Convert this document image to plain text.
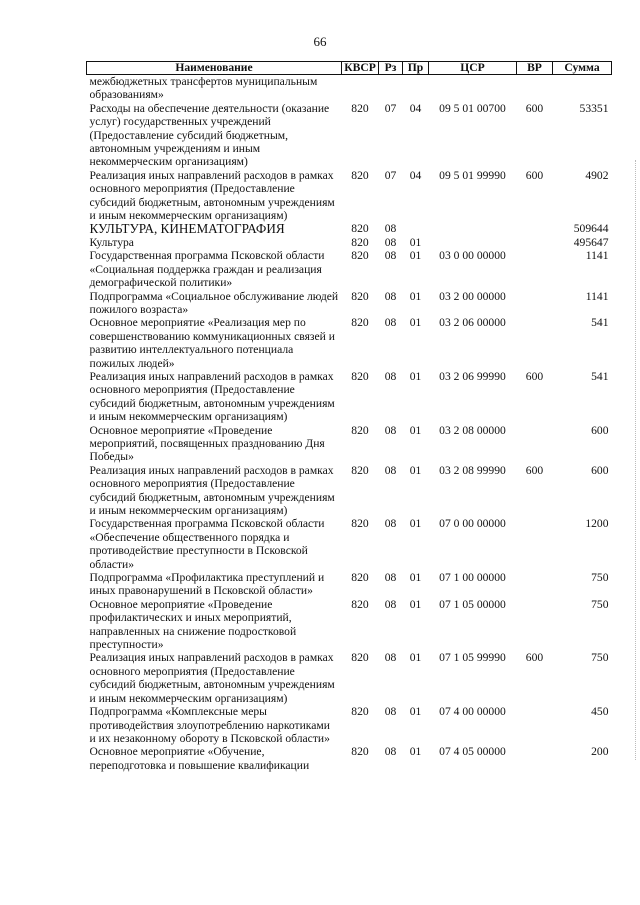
66
Наименование	КВСР	Рз	Пр	ЦСР	ВР	Сумма
межбюджетных трансфертов муниципальным образованиям»						
Расходы на обеспечение деятельности (оказание услуг) государственных учреждений (Предоставление субсидий бюджетным, автономным учреждениям и иным некоммерческим организациям)	820	07	04	09 5 01 00700	600	53351
Реализация иных направлений расходов в рамках основного мероприятия (Предоставление субсидий бюджетным, автономным учреждениям и иным некоммерческим организациям)	820	07	04	09 5 01 99990	600	4902
КУЛЬТУРА, КИНЕМАТОГРАФИЯ	820	08				509644
Культура	820	08	01			495647
Государственная программа Псковской области «Социальная поддержка граждан и реализация демографической политики»	820	08	01	03 0 00 00000		1141
Подпрограмма «Социальное обслуживание людей пожилого возраста»	820	08	01	03 2 00 00000		1141
Основное мероприятие «Реализация мер по совершенствованию коммуникационных связей и развитию интеллектуального потенциала пожилых людей»	820	08	01	03 2 06 00000		541
Реализация иных направлений расходов в рамках основного мероприятия (Предоставление субсидий бюджетным, автономным учреждениям и иным некоммерческим организациям)	820	08	01	03 2 06 99990	600	541
Основное мероприятие «Проведение мероприятий, посвященных празднованию Дня Победы»	820	08	01	03 2 08 00000		600
Реализация иных направлений расходов в рамках основного мероприятия (Предоставление субсидий бюджетным, автономным учреждениям и иным некоммерческим организациям)	820	08	01	03 2 08 99990	600	600
Государственная программа Псковской области «Обеспечение общественного порядка и противодействие преступности в Псковской области»	820	08	01	07 0 00 00000		1200
Подпрограмма «Профилактика преступлений и иных правонарушений в Псковской области»	820	08	01	07 1 00 00000		750
Основное мероприятие «Проведение профилактических и иных мероприятий, направленных на снижение подростковой преступности»	820	08	01	07 1 05 00000		750
Реализация иных направлений расходов в рамках основного мероприятия (Предоставление субсидий бюджетным, автономным учреждениям и иным некоммерческим организациям)	820	08	01	07 1 05 99990	600	750
Подпрограмма «Комплексные меры противодействия злоупотреблению наркотиками и их незаконному обороту в Псковской области»	820	08	01	07 4 00 00000		450
Основное мероприятие «Обучение, переподготовка и повышение квалификации	820	08	01	07 4 05 00000		200
